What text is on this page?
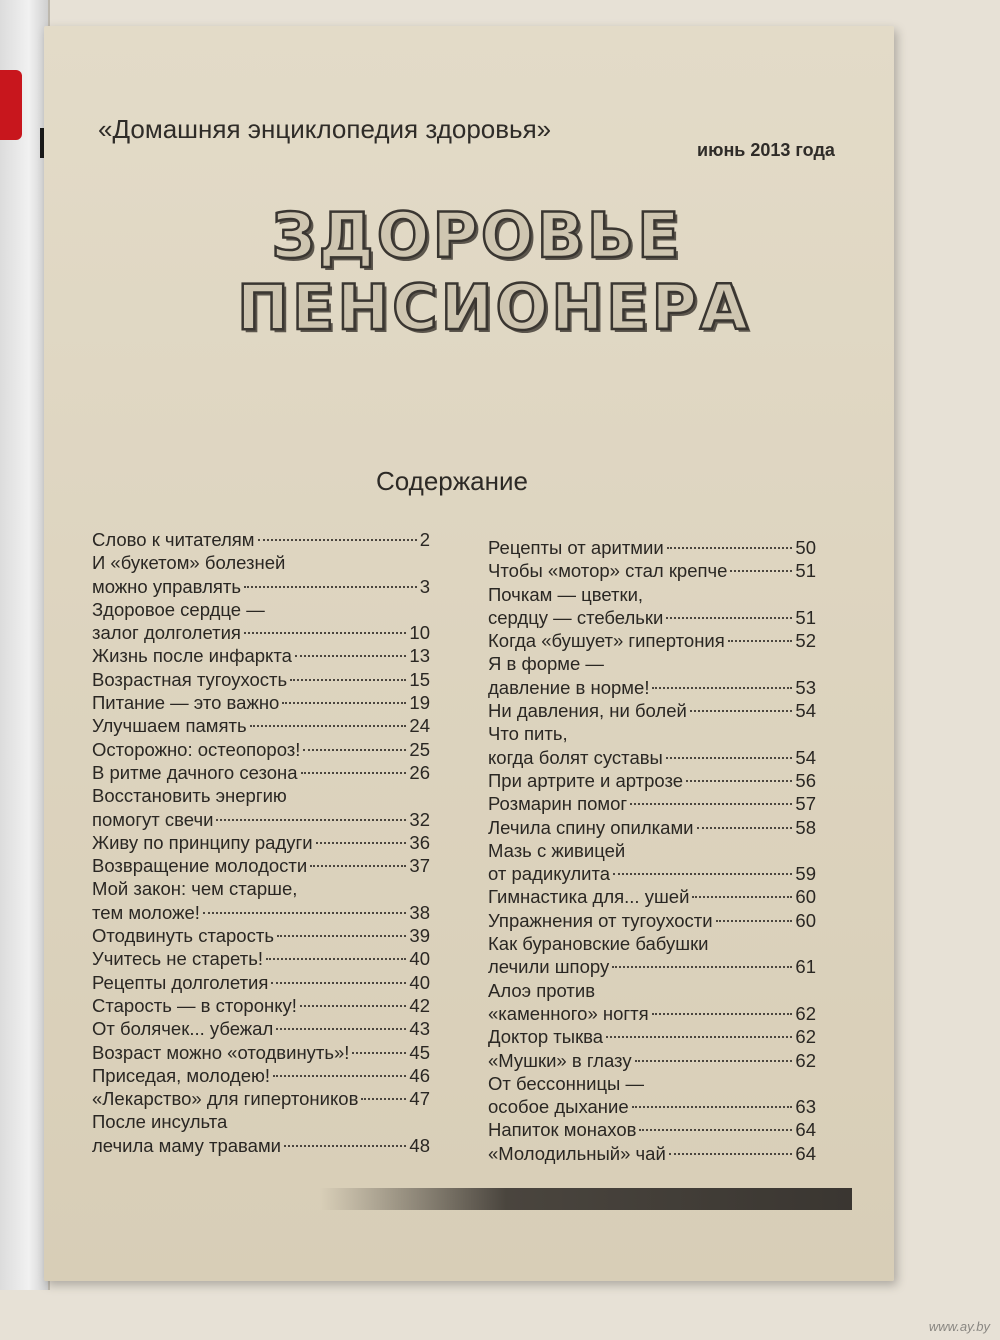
«Домашняя энциклопедия здоровья»
июнь 2013 года
ЗДОРОВЬЕ
ПЕНСИОНЕРА
Содержание
Слово к читателям	2
И «букетом» болезней
можно управлять	3
Здоровое сердце —
залог долголетия	10
Жизнь после инфаркта	13
Возрастная тугоухость	15
Питание — это важно	19
Улучшаем память	24
Осторожно: остеопороз!	25
В ритме дачного сезона	26
Восстановить энергию
помогут свечи	32
Живу по принципу радуги	36
Возвращение молодости	37
Мой закон: чем старше,
тем моложе!	38
Отодвинуть старость	39
Учитесь не стареть!	40
Рецепты долголетия	40
Старость — в сторонку!	42
От болячек... убежал	43
Возраст можно «отодвинуть»!	45
Приседая, молодею!	46
«Лекарство» для гипертоников	47
После инсульта
лечила маму травами	48
Рецепты от аритмии	50
Чтобы «мотор» стал крепче	51
Почкам — цветки,
сердцу — стебельки	51
Когда «бушует» гипертония	52
Я в форме —
давление в норме!	53
Ни давления, ни болей	54
Что пить,
когда болят суставы	54
При артрите и артрозе	56
Розмарин помог	57
Лечила спину опилками	58
Мазь с живицей
от радикулита	59
Гимнастика для... ушей	60
Упражнения от тугоухости	60
Как бурановские бабушки
лечили шпору	61
Алоэ против
«каменного» ногтя	62
Доктор тыква	62
«Мушки» в глазу	62
От бессонницы —
особое дыхание	63
Напиток монахов	64
«Молодильный» чай	64
www.ay.by
